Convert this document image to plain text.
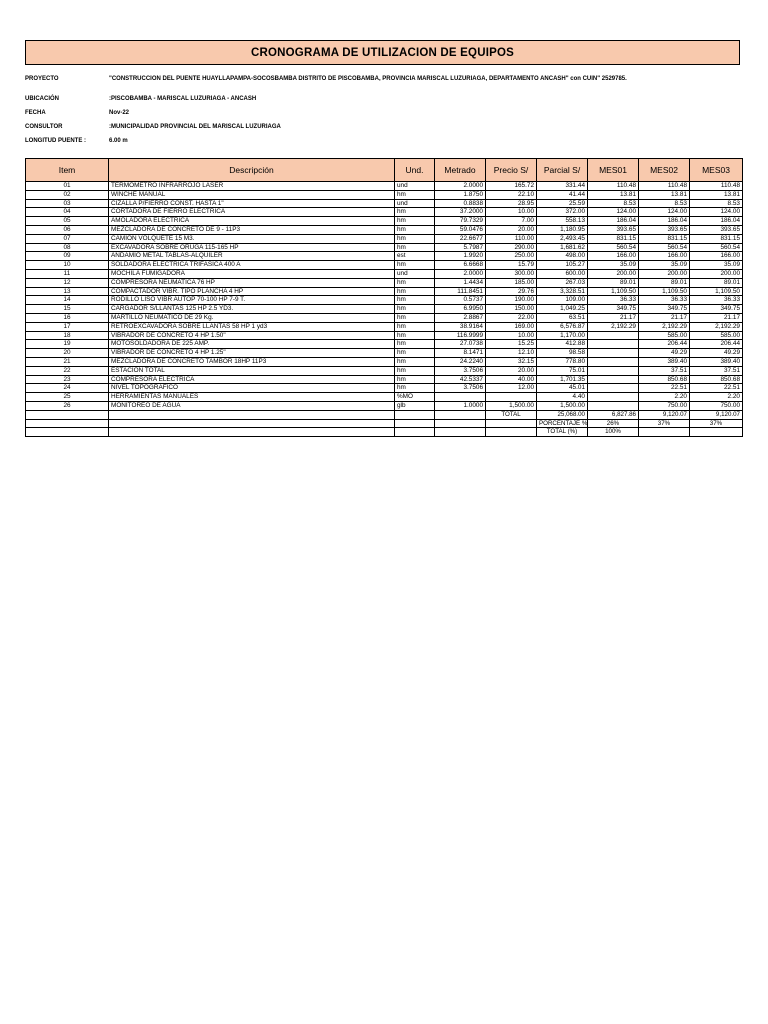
CRONOGRAMA DE UTILIZACION DE EQUIPOS
PROYECTO	"CONSTRUCCION DEL PUENTE HUAYLLAPAMPA-SOCOSBAMBA DISTRITO DE PISCOBAMBA, PROVINCIA MARISCAL LUZURIAGA, DEPARTAMENTO ANCASH" con CUIN" 2529785.
UBICACIÓN	:PISCOBAMBA - MARISCAL LUZURIAGA - ANCASH
FECHA	Nov-22
CONSULTOR	:MUNICIPALIDAD PROVINCIAL DEL MARISCAL LUZURIAGA
LONGITUD PUENTE :	6.00 m
Item	Descripción	Und.	Metrado	Precio S/	Parcial S/	MES01	MES02	MES03
01	TERMOMETRO INFRARROJO LASER	und	2.0000	165.72	331.44	110.48	110.48	110.48
02	WINCHE MANUAL	hm	1.8750	22.10	41.44	13.81	13.81	13.81
03	CIZALLA P/FIERRO CONST. HASTA 1"	und	0.8838	28.95	25.59	8.53	8.53	8.53
04	CORTADORA DE FIERRO ELECTRICA	hm	37.2000	10.00	372.00	124.00	124.00	124.00
05	AMOLADORA ELECTRICA	hm	79.7329	7.00	558.13	186.04	186.04	186.04
06	MEZCLADORA DE CONCRETO DE 9 - 11P3	hm	59.0476	20.00	1,180.95	393.65	393.65	393.65
07	CAMION VOLQUETE 15 M3.	hm	22.6677	110.00	2,493.45	831.15	831.15	831.15
08	EXCAVADORA SOBRE ORUGA 115-165 HP	hm	5.7987	290.00	1,681.62	560.54	560.54	560.54
09	ANDAMIO METAL TABLAS-ALQUILER	est	1.9920	250.00	498.00	166.00	166.00	166.00
10	SOLDADORA ELECTRICA TRIFASICA 400 A	hm	6.6668	15.79	105.27	35.09	35.09	35.09
11	MOCHILA FUMIGADORA	und	2.0000	300.00	600.00	200.00	200.00	200.00
12	COMPRESORA NEUMATICA 76 HP	hm	1.4434	185.00	267.03	89.01	89.01	89.01
13	COMPACTADOR VIBR. TIPO PLANCHA 4 HP	hm	111.8451	29.76	3,328.51	1,109.50	1,109.50	1,109.50
14	RODILLO LISO VIBR AUTOP 70-100 HP 7-9 T.	hm	0.5737	190.00	109.00	36.33	36.33	36.33
15	CARGADOR S/LLANTAS 125 HP 2.5 YD3.	hm	6.9950	150.00	1,049.25	349.75	349.75	349.75
16	MARTILLO NEUMATICO DE 29 Kg.	hm	2.8867	22.00	63.51	21.17	21.17	21.17
17	RETROEXCAVADORA SOBRE LLANTAS 58 HP 1 yd3	hm	38.9164	169.00	6,576.87	2,192.29	2,192.29	2,192.29
18	VIBRADOR DE CONCRETO 4 HP 1.50"	hm	116.9999	10.00	1,170.00		585.00	585.00
19	MOTOSOLDADORA DE 225 AMP.	hm	27.0738	15.25	412.88		206.44	206.44
20	VIBRADOR DE CONCRETO 4 HP 1.25"	hm	8.1471	12.10	98.58		49.29	49.29
21	MEZCLADORA DE CONCRETO TAMBOR 18HP 11P3	hm	24.2240	32.15	778.80		389.40	389.40
22	ESTACION TOTAL	hm	3.7506	20.00	75.01		37.51	37.51
23	COMPRESORA ELECTRICA	hm	42.5337	40.00	1,701.35		850.68	850.68
24	NIVEL TOPOGRAFICO	hm	3.7506	12.00	45.01		22.51	22.51
25	HERRAMIENTAS MANUALES	%MO			4.40		2.20	2.20
26	MONITOREO DE AGUA	glb	1.0000	1,500.00	1,500.00		750.00	750.00
				TOTAL	25,068.00	6,827.86	9,120.07	9,120.07
					PORCENTAJE %	26%	37%	37%
					TOTAL (%)	100%		
